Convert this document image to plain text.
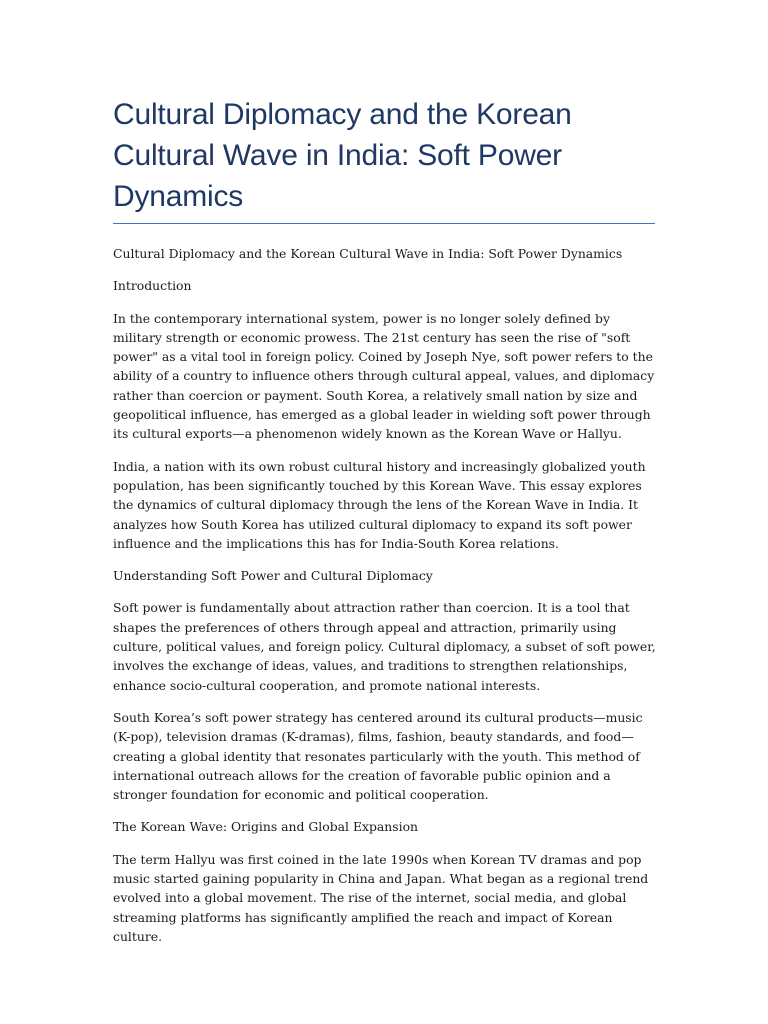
Cultural Diplomacy and the Korean Cultural Wave in India: Soft Power Dynamics

Cultural Diplomacy and the Korean Cultural Wave in India: Soft Power Dynamics

Introduction

In the contemporary international system, power is no longer solely defined by military strength or economic prowess. The 21st century has seen the rise of "soft power" as a vital tool in foreign policy. Coined by Joseph Nye, soft power refers to the ability of a country to influence others through cultural appeal, values, and diplomacy rather than coercion or payment. South Korea, a relatively small nation by size and geopolitical influence, has emerged as a global leader in wielding soft power through its cultural exports—a phenomenon widely known as the Korean Wave or Hallyu.

India, a nation with its own robust cultural history and increasingly globalized youth population, has been significantly touched by this Korean Wave. This essay explores the dynamics of cultural diplomacy through the lens of the Korean Wave in India. It analyzes how South Korea has utilized cultural diplomacy to expand its soft power influence and the implications this has for India-South Korea relations.

Understanding Soft Power and Cultural Diplomacy

Soft power is fundamentally about attraction rather than coercion. It is a tool that shapes the preferences of others through appeal and attraction, primarily using culture, political values, and foreign policy. Cultural diplomacy, a subset of soft power, involves the exchange of ideas, values, and traditions to strengthen relationships, enhance socio-cultural cooperation, and promote national interests.

South Korea’s soft power strategy has centered around its cultural products—music (K-pop), television dramas (K-dramas), films, fashion, beauty standards, and food—creating a global identity that resonates particularly with the youth. This method of international outreach allows for the creation of favorable public opinion and a stronger foundation for economic and political cooperation.

The Korean Wave: Origins and Global Expansion

The term Hallyu was first coined in the late 1990s when Korean TV dramas and pop music started gaining popularity in China and Japan. What began as a regional trend evolved into a global movement. The rise of the internet, social media, and global streaming platforms has significantly amplified the reach and impact of Korean culture.
